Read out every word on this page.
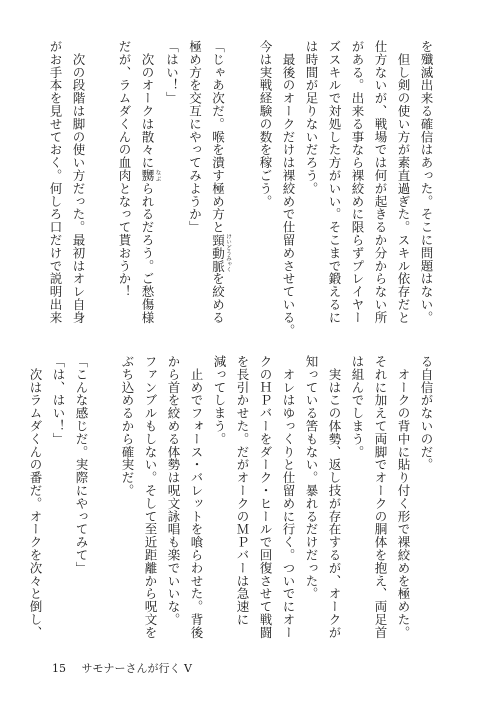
を殲滅出来る確信はあった。そこに問題はない。
　但し剣の使い方が素直過ぎた。スキル依存だと
仕方ないが、戦場では何が起きるか分からない所
がある。出来る事なら裸絞めに限らずプレイヤー
ズスキルで対処した方がいい。そこまで鍛えるに
は時間が足りないだろう。
　最後のオークだけは裸絞めで仕留めさせている。
今は実戦経験の数を稼ごう。
「じゃあ次だ。喉を潰す極め方と頸動脈 けいどうみゃくを絞める
極め方を交互にやってみようか」
「はい！」
　次のオークは散々に嬲 なぶられるだろう。ご愁傷様
だが、ラムダくんの血肉となって貰おうか！
　次の段階は脚の使い方だった。最初はオレ自身
がお手本を見せておく。何しろ口だけで説明出来
る自信がないのだ。
　オークの背中に貼り付く形で裸絞めを極めた。
それに加えて両脚でオークの胴体を抱え、両足首
は組んでしまう。
　実はこの体勢、返し技が存在するが、オークが
知っている筈もない。暴れるだけだった。
　オレはゆっくりと仕留めに行く。ついでにオー
クのＨＰバーをダーク・ヒールで回復させて戦闘
を長引かせた。だがオークのＭＰバーは急速に
減ってしまう。
　止めでフォース・バレットを喰らわせた。背後
から首を絞める体勢は呪文詠唱も楽でいいな。
ファンブルもしない。そして至近距離から呪文を
ぶち込めるから確実だ。
「こんな感じだ。実際にやってみて」
「は、はい！」
　次はラムダくんの番だ。オークを次々と倒し、
15 サモナーさんが行く Ⅴ
